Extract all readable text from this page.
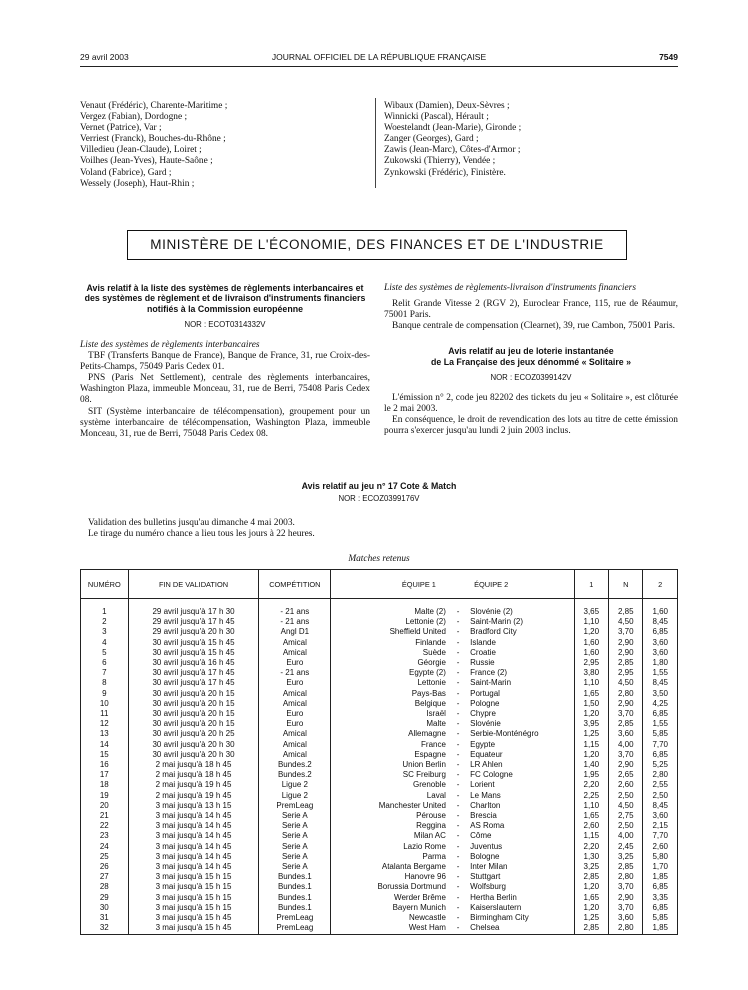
29 avril 2003	JOURNAL OFFICIEL DE LA RÉPUBLIQUE FRANÇAISE	7549
Venaut (Frédéric), Charente-Maritime ;
Vergez (Fabian), Dordogne ;
Vernet (Patrice), Var ;
Verriest (Franck), Bouches-du-Rhône ;
Villedieu (Jean-Claude), Loiret ;
Voilhes (Jean-Yves), Haute-Saône ;
Voland (Fabrice), Gard ;
Wessely (Joseph), Haut-Rhin ;
Wibaux (Damien), Deux-Sèvres ;
Winnicki (Pascal), Hérault ;
Woestelandt (Jean-Marie), Gironde ;
Zanger (Georges), Gard ;
Zawis (Jean-Marc), Côtes-d'Armor ;
Zukowski (Thierry), Vendée ;
Zynkowski (Frédéric), Finistère.
MINISTÈRE DE L'ÉCONOMIE, DES FINANCES ET DE L'INDUSTRIE
Avis relatif à la liste des systèmes de règlements interbancaires et des systèmes de règlement et de livraison d'instruments financiers notifiés à la Commission européenne
NOR : ECOT0314332V

Liste des systèmes de règlements interbancaires

TBF (Transferts Banque de France), Banque de France, 31, rue Croix-des-Petits-Champs, 75049 Paris Cedex 01.

PNS (Paris Net Settlement), centrale des règlements interbancaires, Washington Plaza, immeuble Monceau, 31, rue de Berri, 75408 Paris Cedex 08.

SIT (Système interbancaire de télécompensation), groupement pour un système interbancaire de télécompensation, Washington Plaza, immeuble Monceau, 31, rue de Berri, 75048 Paris Cedex 08.

Liste des systèmes de règlements-livraison d'instruments financiers

Relit Grande Vitesse 2 (RGV 2), Euroclear France, 115, rue de Réaumur, 75001 Paris.

Banque centrale de compensation (Clearnet), 39, rue Cambon, 75001 Paris.

Avis relatif au jeu de loterie instantanée
de La Française des jeux dénommé « Solitaire »
NOR : ECOZ0399142V

L'émission n° 2, code jeu 82202 des tickets du jeu « Solitaire », est clôturée le 2 mai 2003.

En conséquence, le droit de revendication des lots au titre de cette émission pourra s'exercer jusqu'au lundi 2 juin 2003 inclus.

Avis relatif au jeu n° 17 Cote & Match
NOR : ECOZ0399176V

Validation des bulletins jusqu'au dimanche 4 mai 2003.

Le tirage du numéro chance a lieu tous les jours à 22 heures.

Matches retenus
NUMÉRO	FIN DE VALIDATION	COMPÉTITION	ÉQUIPE 1		ÉQUIPE 2	1	N	2
1	29 avril jusqu'à 17 h 30	- 21 ans	Malte (2)	-	Slovénie (2)	3,65	2,85	1,60
2	29 avril jusqu'à 17 h 45	- 21 ans	Lettonie (2)	-	Saint-Marin (2)	1,10	4,50	8,45
3	29 avril jusqu'à 20 h 30	Angl D1	Sheffield United	-	Bradford City	1,20	3,70	6,85
4	30 avril jusqu'à 15 h 45	Amical	Finlande	-	Islande	1,60	2,90	3,60
5	30 avril jusqu'à 15 h 45	Amical	Suède	-	Croatie	1,60	2,90	3,60
6	30 avril jusqu'à 16 h 45	Euro	Géorgie	-	Russie	2,95	2,85	1,80
7	30 avril jusqu'à 17 h 45	- 21 ans	Egypte (2)	-	France (2)	3,80	2,95	1,55
8	30 avril jusqu'à 17 h 45	Euro	Lettonie	-	Saint-Marin	1,10	4,50	8,45
9	30 avril jusqu'à 20 h 15	Amical	Pays-Bas	-	Portugal	1,65	2,80	3,50
10	30 avril jusqu'à 20 h 15	Amical	Belgique	-	Pologne	1,50	2,90	4,25
11	30 avril jusqu'à 20 h 15	Euro	Israël	-	Chypre	1,20	3,70	6,85
12	30 avril jusqu'à 20 h 15	Euro	Malte	-	Slovénie	3,95	2,85	1,55
13	30 avril jusqu'à 20 h 25	Amical	Allemagne	-	Serbie-Monténégro	1,25	3,60	5,85
14	30 avril jusqu'à 20 h 30	Amical	France	-	Egypte	1,15	4,00	7,70
15	30 avril jusqu'à 20 h 30	Amical	Espagne	-	Equateur	1,20	3,70	6,85
16	2 mai jusqu'à 18 h 45	Bundes.2	Union Berlin	-	LR Ahlen	1,40	2,90	5,25
17	2 mai jusqu'à 18 h 45	Bundes.2	SC Freiburg	-	FC Cologne	1,95	2,65	2,80
18	2 mai jusqu'à 19 h 45	Ligue 2	Grenoble	-	Lorient	2,20	2,60	2,55
19	2 mai jusqu'à 19 h 45	Ligue 2	Laval	-	Le Mans	2,25	2,50	2,50
20	3 mai jusqu'à 13 h 15	PremLeag	Manchester United	-	Charlton	1,10	4,50	8,45
21	3 mai jusqu'à 14 h 45	Serie A	Pérouse	-	Brescia	1,65	2,75	3,60
22	3 mai jusqu'à 14 h 45	Serie A	Reggina	-	AS Roma	2,60	2,50	2,15
23	3 mai jusqu'à 14 h 45	Serie A	Milan AC	-	Côme	1,15	4,00	7,70
24	3 mai jusqu'à 14 h 45	Serie A	Lazio Rome	-	Juventus	2,20	2,45	2,60
25	3 mai jusqu'à 14 h 45	Serie A	Parma	-	Bologne	1,30	3,25	5,80
26	3 mai jusqu'à 14 h 45	Serie A	Atalanta Bergame	-	Inter Milan	3,25	2,85	1,70
27	3 mai jusqu'à 15 h 15	Bundes.1	Hanovre 96	-	Stuttgart	2,85	2,80	1,85
28	3 mai jusqu'à 15 h 15	Bundes.1	Borussia Dortmund	-	Wolfsburg	1,20	3,70	6,85
29	3 mai jusqu'à 15 h 15	Bundes.1	Werder Brême	-	Hertha Berlin	1,65	2,90	3,35
30	3 mai jusqu'à 15 h 15	Bundes.1	Bayern Munich	-	Kaiserslautern	1,20	3,70	6,85
31	3 mai jusqu'à 15 h 45	PremLeag	Newcastle	-	Birmingham City	1,25	3,60	5,85
32	3 mai jusqu'à 15 h 45	PremLeag	West Ham	-	Chelsea	2,85	2,80	1,85
